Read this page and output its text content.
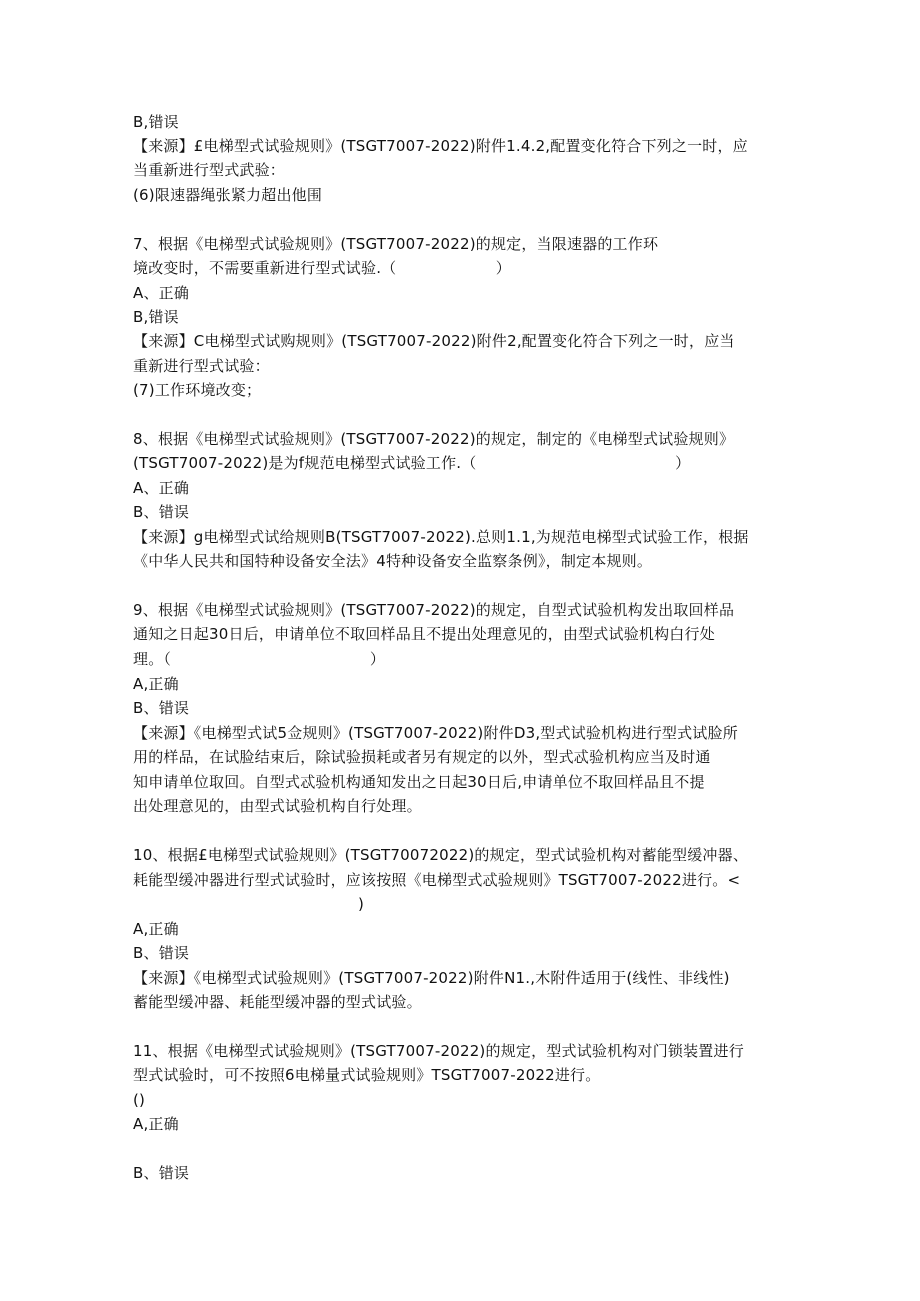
B,错误
【来源】£电梯型式试验规则》(TSGT7007-2022)附件1.4.2,配置变化符合下列之一时，应
当重新进行型式武验：
(6)限速器绳张紧力超出他围
7、根据《电梯型式试验规则》(TSGT7007-2022)的规定，当限速器的工作环
境改变时，不需要重新进行型式试验.（                    ）
A、正确
B,错误
【来源】C电梯型式试购规则》(TSGT7007-2022)附件2,配置变化符合下列之一时，应当
重新进行型式试验：
(7)工作环境改变；
8、根据《电梯型式试验规则》(TSGT7007-2022)的规定，制定的《电梯型式试验规则》
(TSGT7007-2022)是为f规范电梯型式试验工作.（                                        ）
A、正确
B、错误
【来源】g电梯型式试给规则B(TSGT7007-2022).总则1.1,为规范电梯型式试验工作，根据
《中华人民共和国特种设备安全法》4特种设备安全监察条例》，制定本规则。
9、根据《电梯型式试验规则》(TSGT7007-2022)的规定，自型式试验机构发出取回样品
通知之日起30日后，申请单位不取回样品且不提出处理意见的，由型式试验机构白行处
理。（                                        ）
A,正确
B、错误
【来源】《电梯型式试5佥规则》(TSGT7007-2022)附件D3,型式试验机构进行型式试脸所
用的样品，在试脸结束后，除试验损耗或者另有规定的以外，型式忒验机构应当及时通
知申请单位取回。自型式忒验机构通知发出之日起30日后,申请单位不取回样品且不提
出处理意见的，由型式试验机构自行处理。
10、根据£电梯型式试验规则》(TSGT70072022)的规定，型式试验机构对蓄能型缓冲器、
耗能型缓冲器进行型式试验时，应该按照《电梯型式忒验规则》TSGT7007-2022进行。<
)
A,正确
B、错误
【来源】《电梯型式试验规则》(TSGT7007-2022)附件N1.,木附件适用于(线性、非线性)
蓄能型缓冲器、耗能型缓冲器的型式试验。
11、根据《电梯型式试验规则》(TSGT7007-2022)的规定，型式试验机构对门锁装置进行
型式试验时，可不按照6电梯量式试验规则》TSGT7007-2022进行。
()
A,正确
B、错误
